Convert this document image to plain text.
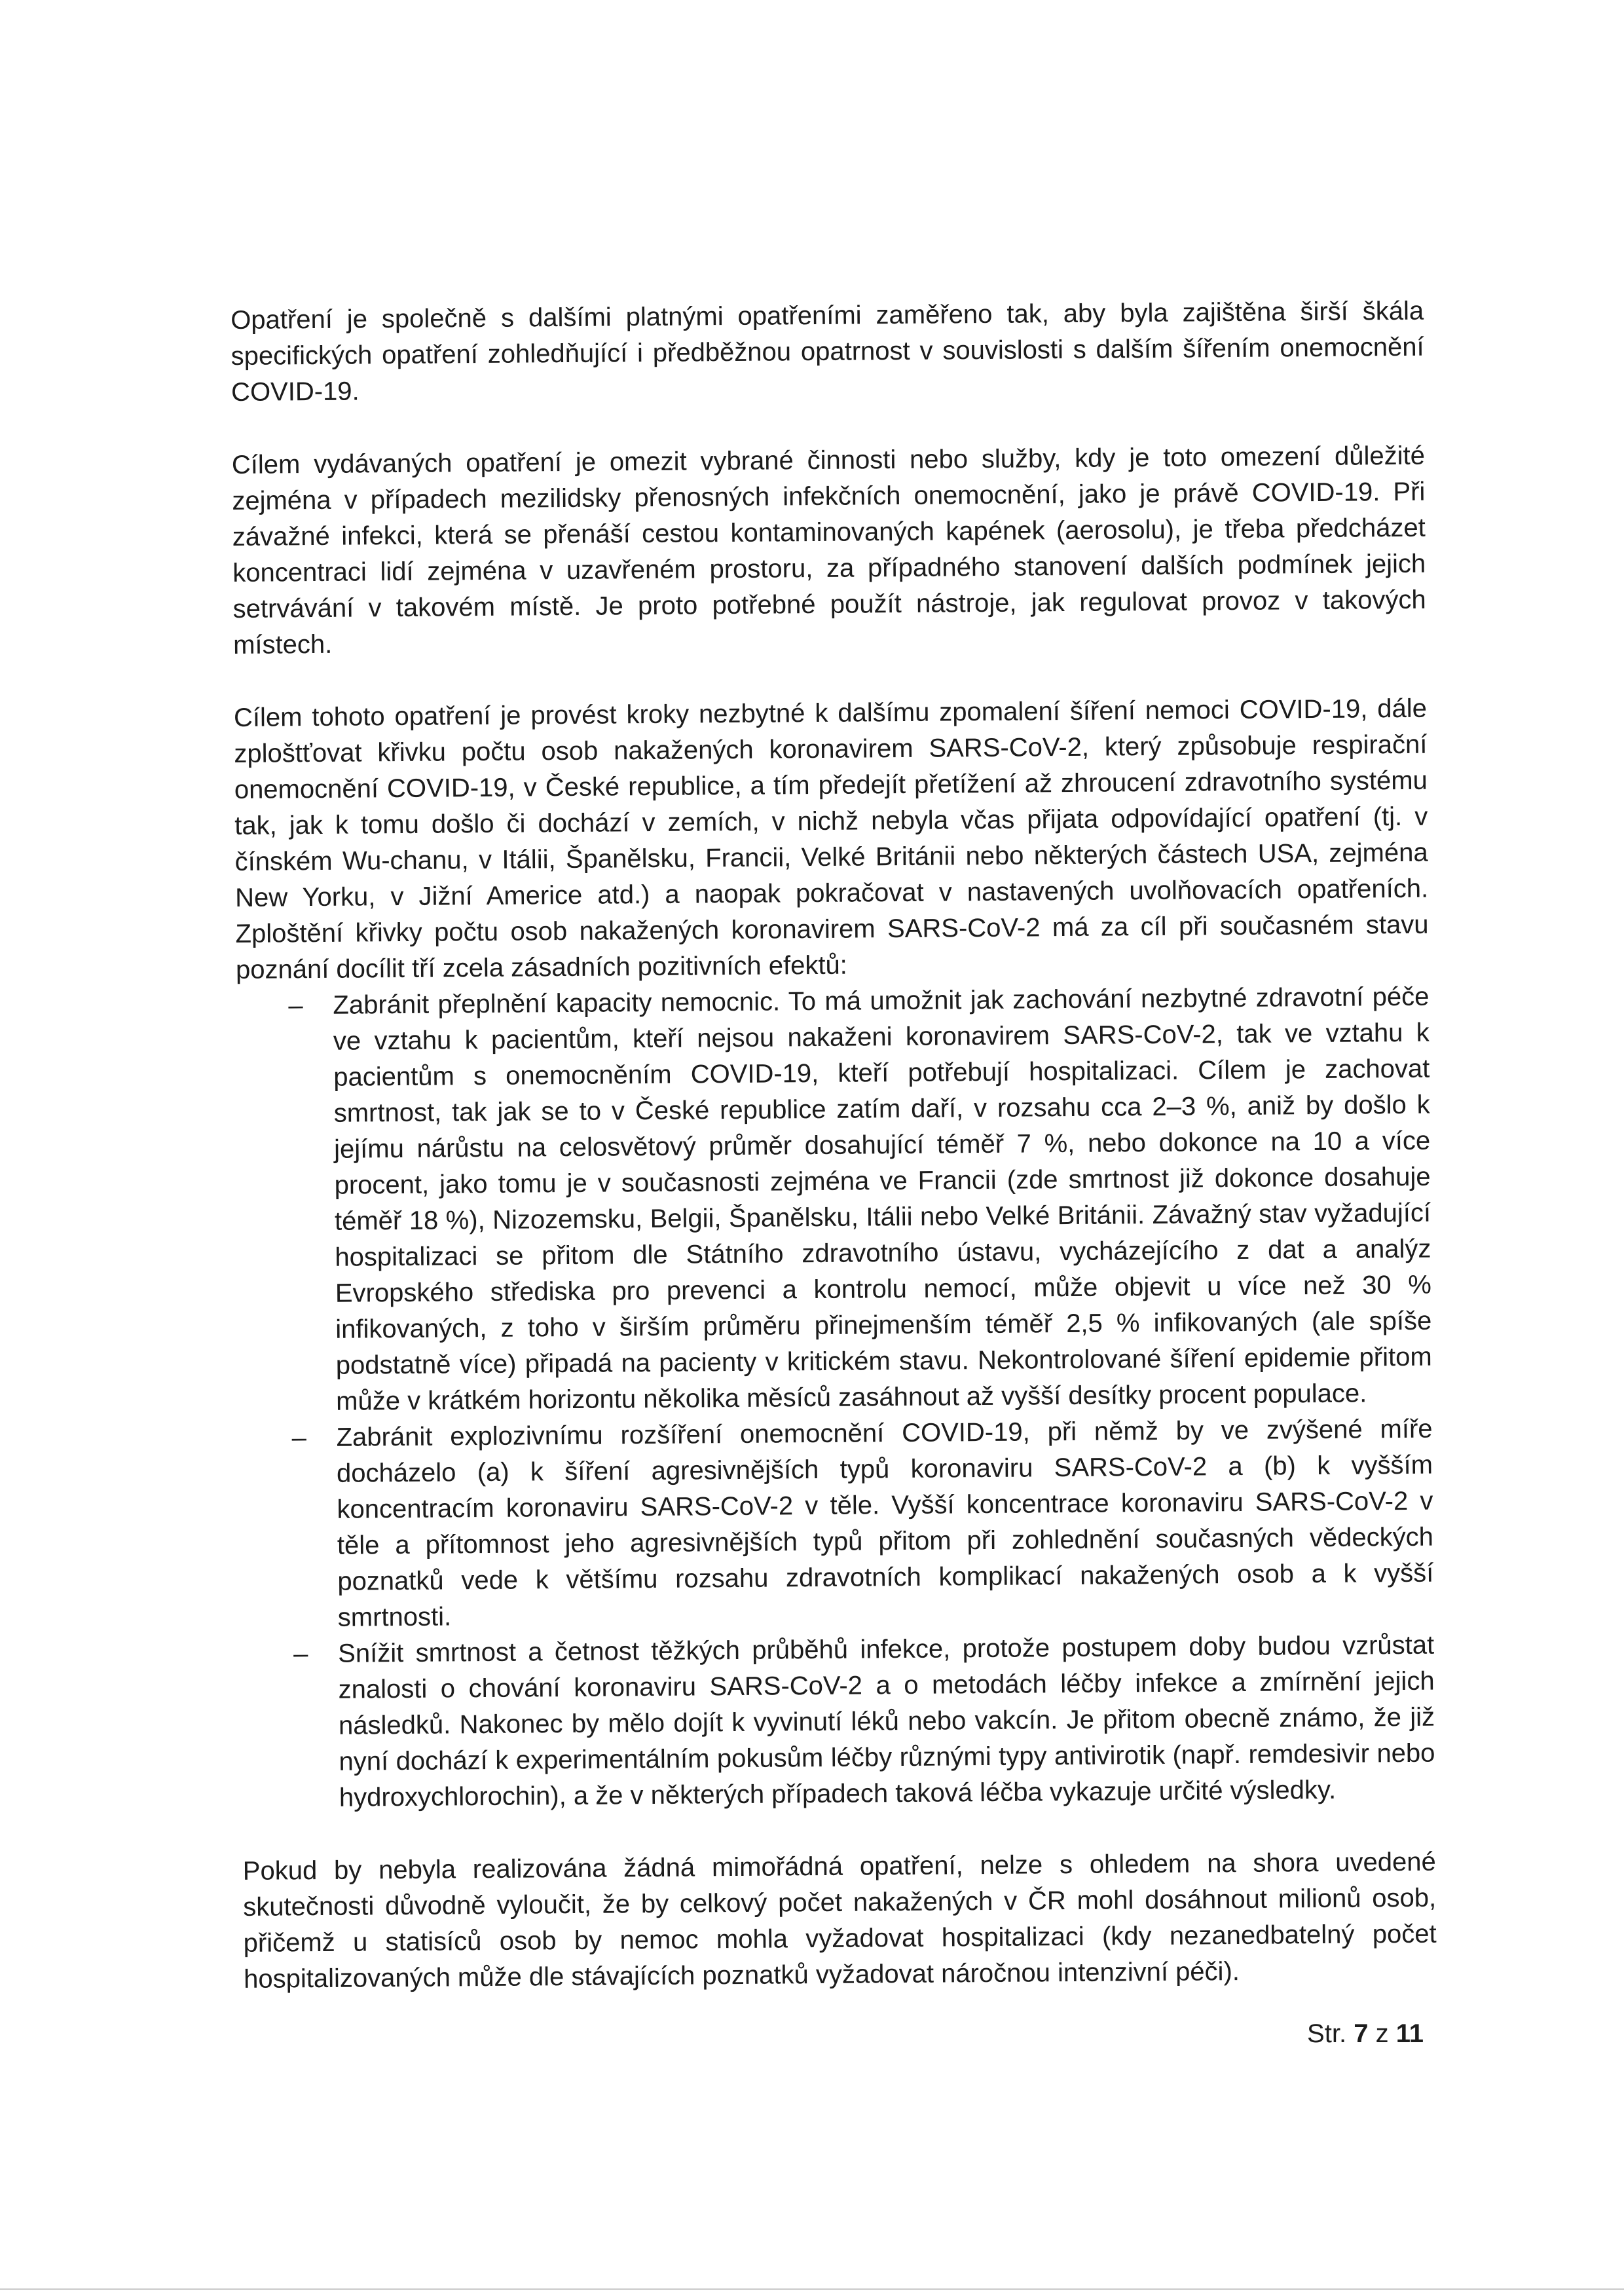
Opatření je společně s dalšími platnými opatřeními zaměřeno tak, aby byla zajištěna širší škála specifických opatření zohledňující i předběžnou opatrnost v souvislosti s dalším šířením onemocnění COVID-19.

Cílem vydávaných opatření je omezit vybrané činnosti nebo služby, kdy je toto omezení důležité zejména v případech mezilidsky přenosných infekčních onemocnění, jako je právě COVID-19. Při závažné infekci, která se přenáší cestou kontaminovaných kapének (aerosolu), je třeba předcházet koncentraci lidí zejména v uzavřeném prostoru, za případného stanovení dalších podmínek jejich setrvávání v takovém místě. Je proto potřebné použít nástroje, jak regulovat provoz v takových místech.

Cílem tohoto opatření je provést kroky nezbytné k dalšímu zpomalení šíření nemoci COVID-19, dále zploštťovat křivku počtu osob nakažených koronavirem SARS-CoV-2, který způsobuje respirační onemocnění COVID-19, v České republice, a tím předejít přetížení až zhroucení zdravotního systému tak, jak k tomu došlo či dochází v zemích, v nichž nebyla včas přijata odpovídající opatření (tj. v čínském Wu-chanu, v Itálii, Španělsku, Francii, Velké Británii nebo některých částech USA, zejména New Yorku, v Jižní Americe atd.) a naopak pokračovat v nastavených uvolňovacích opatřeních. Zploštění křivky počtu osob nakažených koronavirem SARS-CoV-2 má za cíl při současném stavu poznání docílit tří zcela zásadních pozitivních efektů:

– Zabránit přeplnění kapacity nemocnic. To má umožnit jak zachování nezbytné zdravotní péče ve vztahu k pacientům, kteří nejsou nakaženi koronavirem SARS-CoV-2, tak ve vztahu k pacientům s onemocněním COVID-19, kteří potřebují hospitalizaci. Cílem je zachovat smrtnost, tak jak se to v České republice zatím daří, v rozsahu cca 2–3 %, aniž by došlo k jejímu nárůstu na celosvětový průměr dosahující téměř 7 %, nebo dokonce na 10 a více procent, jako tomu je v současnosti zejména ve Francii (zde smrtnost již dokonce dosahuje téměř 18 %), Nizozemsku, Belgii, Španělsku, Itálii nebo Velké Británii. Závažný stav vyžadující hospitalizaci se přitom dle Státního zdravotního ústavu, vycházejícího z dat a analýz Evropského střediska pro prevenci a kontrolu nemocí, může objevit u více než 30 % infikovaných, z toho v širším průměru přinejmenším téměř 2,5 % infikovaných (ale spíše podstatně více) připadá na pacienty v kritickém stavu. Nekontrolované šíření epidemie přitom může v krátkém horizontu několika měsíců zasáhnout až vyšší desítky procent populace.
– Zabránit explozivnímu rozšíření onemocnění COVID-19, při němž by ve zvýšené míře docházelo (a) k šíření agresivnějších typů koronaviru SARS-CoV-2 a (b) k vyšším koncentracím koronaviru SARS-CoV-2 v těle. Vyšší koncentrace koronaviru SARS-CoV-2 v těle a přítomnost jeho agresivnějších typů přitom při zohlednění současných vědeckých poznatků vede k většímu rozsahu zdravotních komplikací nakažených osob a k vyšší smrtnosti.
– Snížit smrtnost a četnost těžkých průběhů infekce, protože postupem doby budou vzrůstat znalosti o chování koronaviru SARS-CoV-2 a o metodách léčby infekce a zmírnění jejich následků. Nakonec by mělo dojít k vyvinutí léků nebo vakcín. Je přitom obecně známo, že již nyní dochází k experimentálním pokusům léčby různými typy antivirotik (např. remdesivir nebo hydroxychlorochin), a že v některých případech taková léčba vykazuje určité výsledky.

Pokud by nebyla realizována žádná mimořádná opatření, nelze s ohledem na shora uvedené skutečnosti důvodně vyloučit, že by celkový počet nakažených v ČR mohl dosáhnout milionů osob, přičemž u statisíců osob by nemoc mohla vyžadovat hospitalizaci (kdy nezanedbatelný počet hospitalizovaných může dle stávajících poznatků vyžadovat náročnou intenzivní péči).

Str. 7 z 11
